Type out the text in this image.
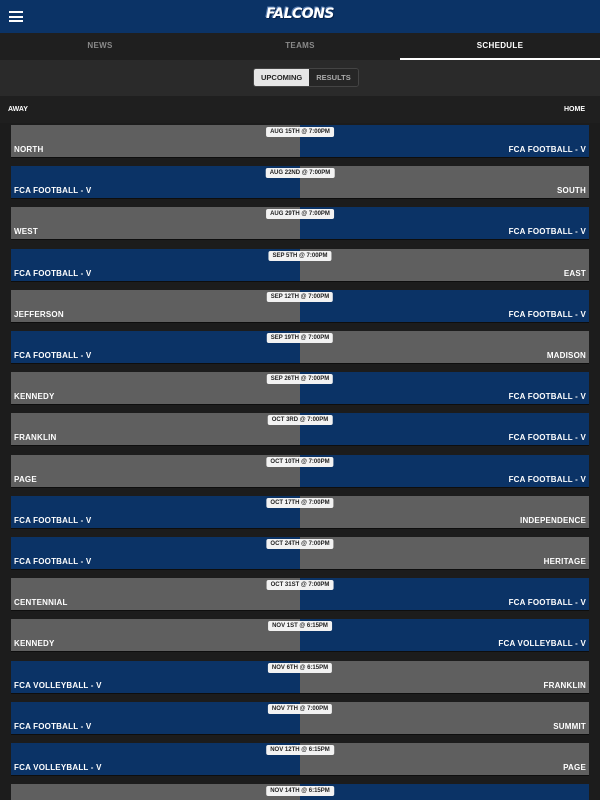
FALCONS
NEWS	TEAMS	SCHEDULE
UPCOMING	RESULTS
AWAY	HOME
NORTH	FCA FOOTBALL - V
AUG 15TH @ 7:00PM
FCA FOOTBALL - V	SOUTH
AUG 22ND @ 7:00PM
WEST	FCA FOOTBALL - V
AUG 29TH @ 7:00PM
FCA FOOTBALL - V	EAST
SEP 5TH @ 7:00PM
JEFFERSON	FCA FOOTBALL - V
SEP 12TH @ 7:00PM
FCA FOOTBALL - V	MADISON
SEP 19TH @ 7:00PM
KENNEDY	FCA FOOTBALL - V
SEP 26TH @ 7:00PM
FRANKLIN	FCA FOOTBALL - V
OCT 3RD @ 7:00PM
PAGE	FCA FOOTBALL - V
OCT 10TH @ 7:00PM
FCA FOOTBALL - V	INDEPENDENCE
OCT 17TH @ 7:00PM
FCA FOOTBALL - V	HERITAGE
OCT 24TH @ 7:00PM
CENTENNIAL	FCA FOOTBALL - V
OCT 31ST @ 7:00PM
KENNEDY	FCA VOLLEYBALL - V
NOV 1ST @ 6:15PM
FCA VOLLEYBALL - V	FRANKLIN
NOV 6TH @ 6:15PM
FCA FOOTBALL - V	SUMMIT
NOV 7TH @ 7:00PM
FCA VOLLEYBALL - V	PAGE
NOV 12TH @ 6:15PM
NOV 14TH @ 6:15PM
